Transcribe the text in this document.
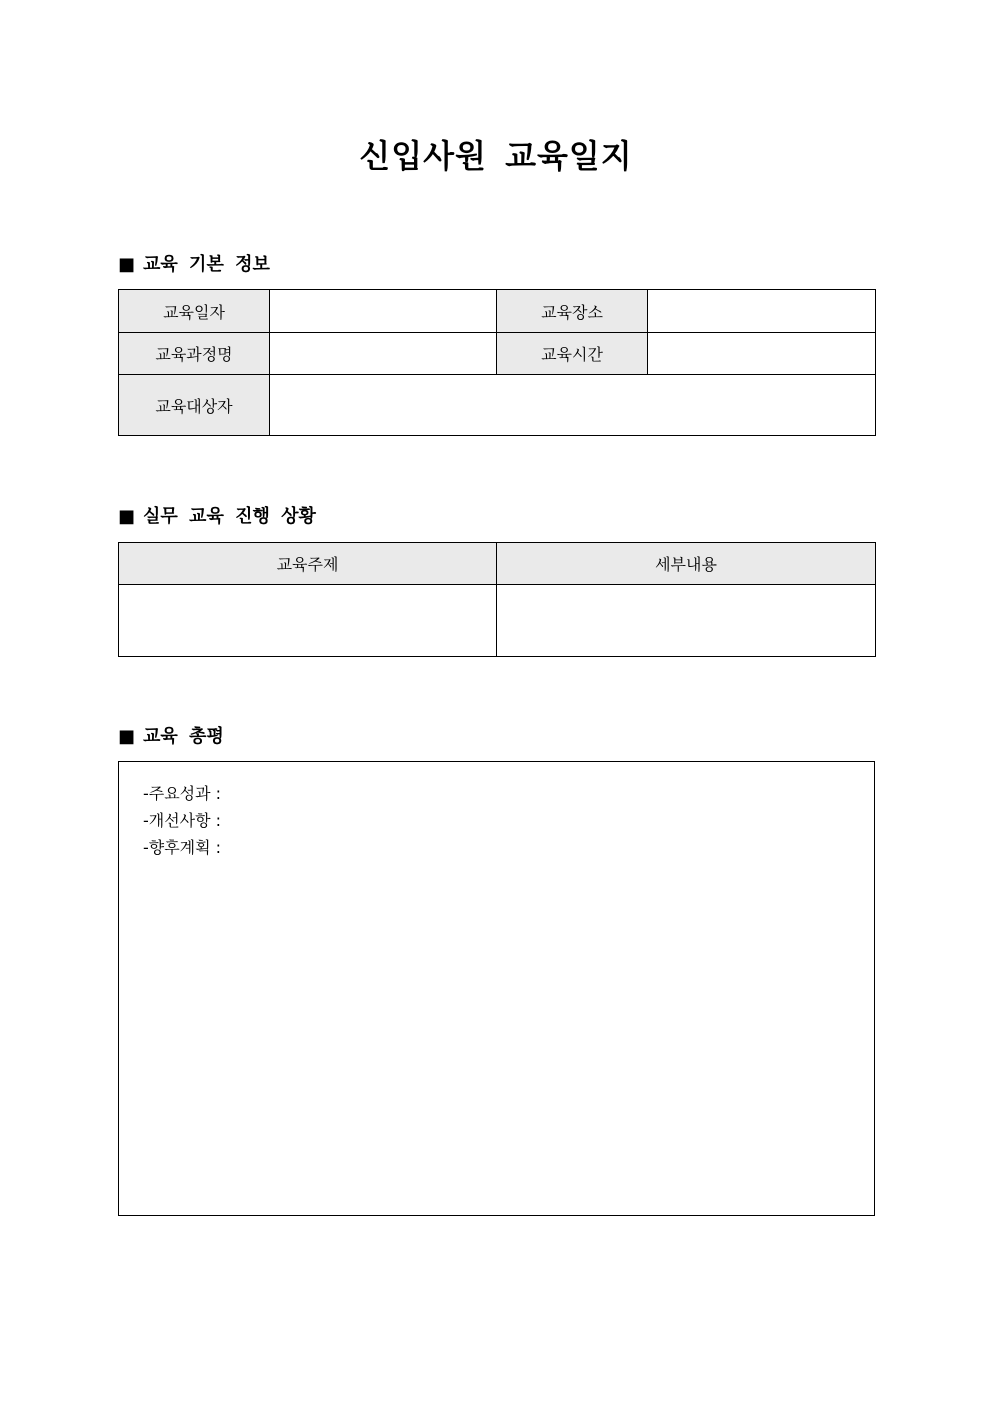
신입사원 교육일지
■ 교육 기본 정보
교육일자		교육장소	
교육과정명		교육시간	
교육대상자			
■ 실무 교육 진행 상황
교육주제	세부내용

■ 교육 총평
-주요성과 :
-개선사항 :
-향후계획 :
